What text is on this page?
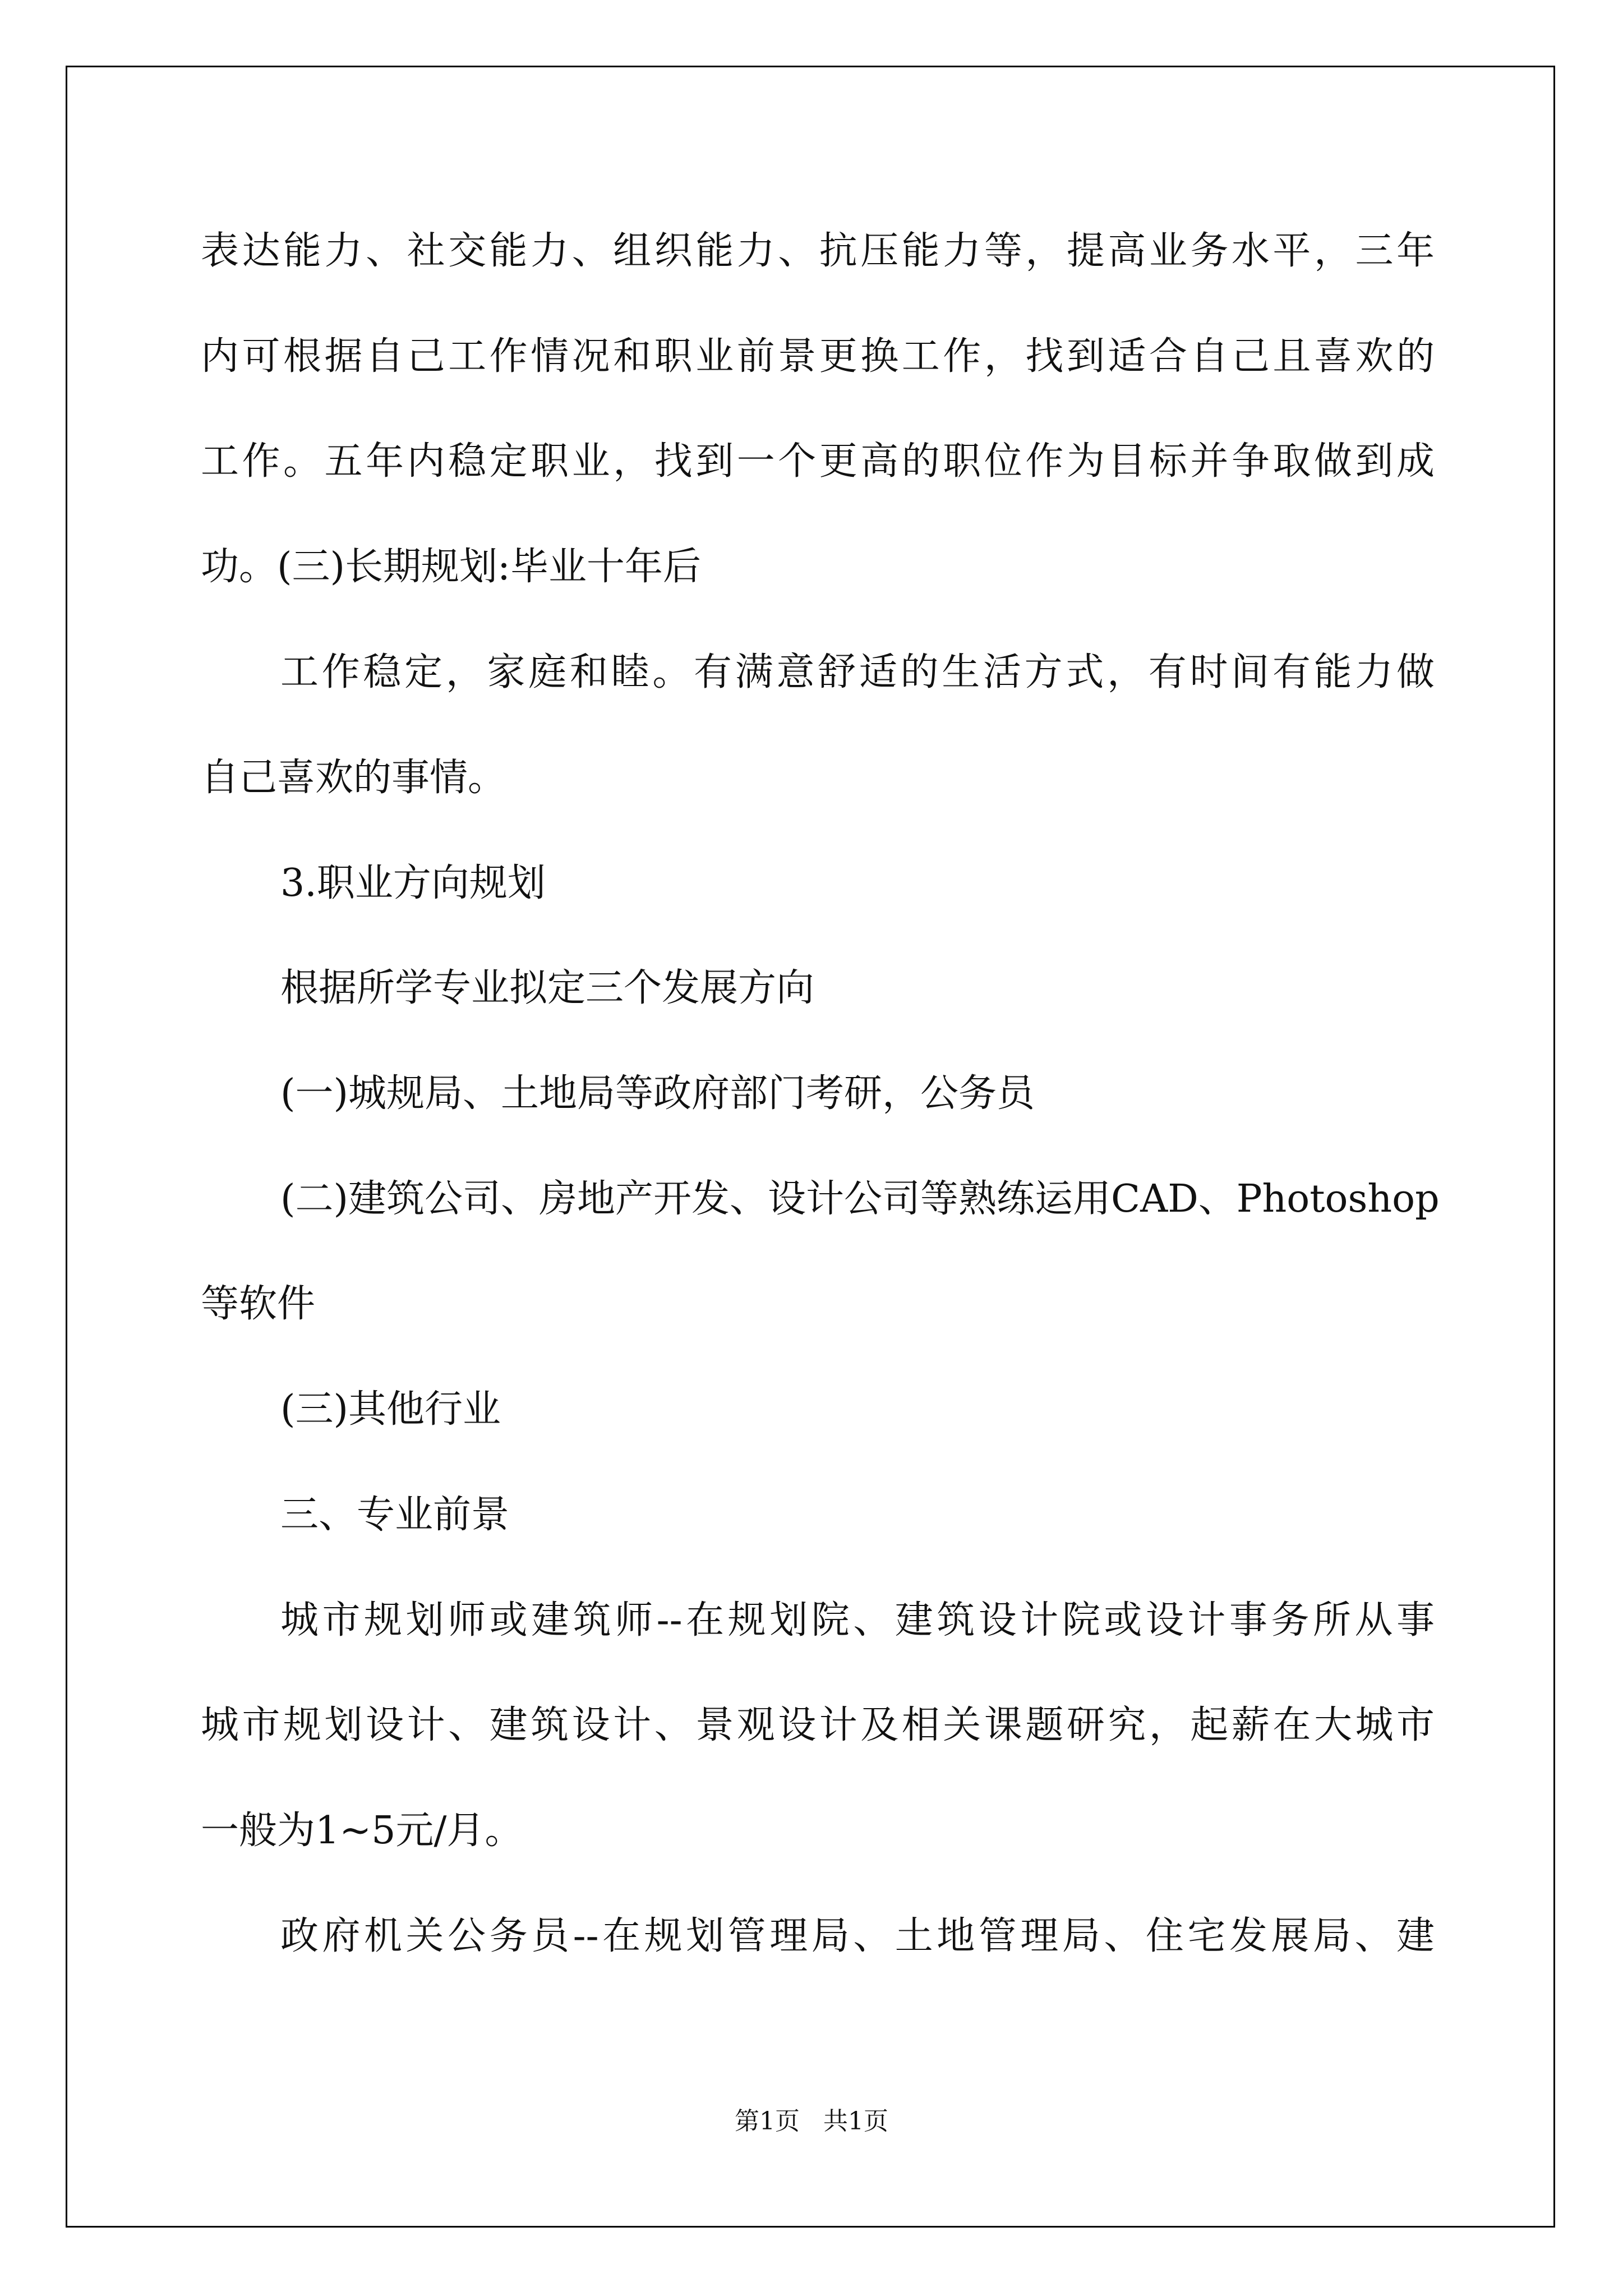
表达能力、社交能力、组织能力、抗压能力等，提高业务水平，三年
内可根据自己工作情况和职业前景更换工作，找到适合自己且喜欢的
工作。五年内稳定职业，找到一个更高的职位作为目标并争取做到成
功。(三)长期规划:毕业十年后
工作稳定，家庭和睦。有满意舒适的生活方式，有时间有能力做
自己喜欢的事情。
3.职业方向规划
根据所学专业拟定三个发展方向
(一)城规局、土地局等政府部门考研，公务员
(二)建筑公司、房地产开发、设计公司等熟练运用CAD、Photoshop
等软件
(三)其他行业
三、专业前景
城市规划师或建筑师--在规划院、建筑设计院或设计事务所从事
城市规划设计、建筑设计、景观设计及相关课题研究，起薪在大城市
一般为1~5元/月。
政府机关公务员--在规划管理局、土地管理局、住宅发展局、建
第1页   共1页
